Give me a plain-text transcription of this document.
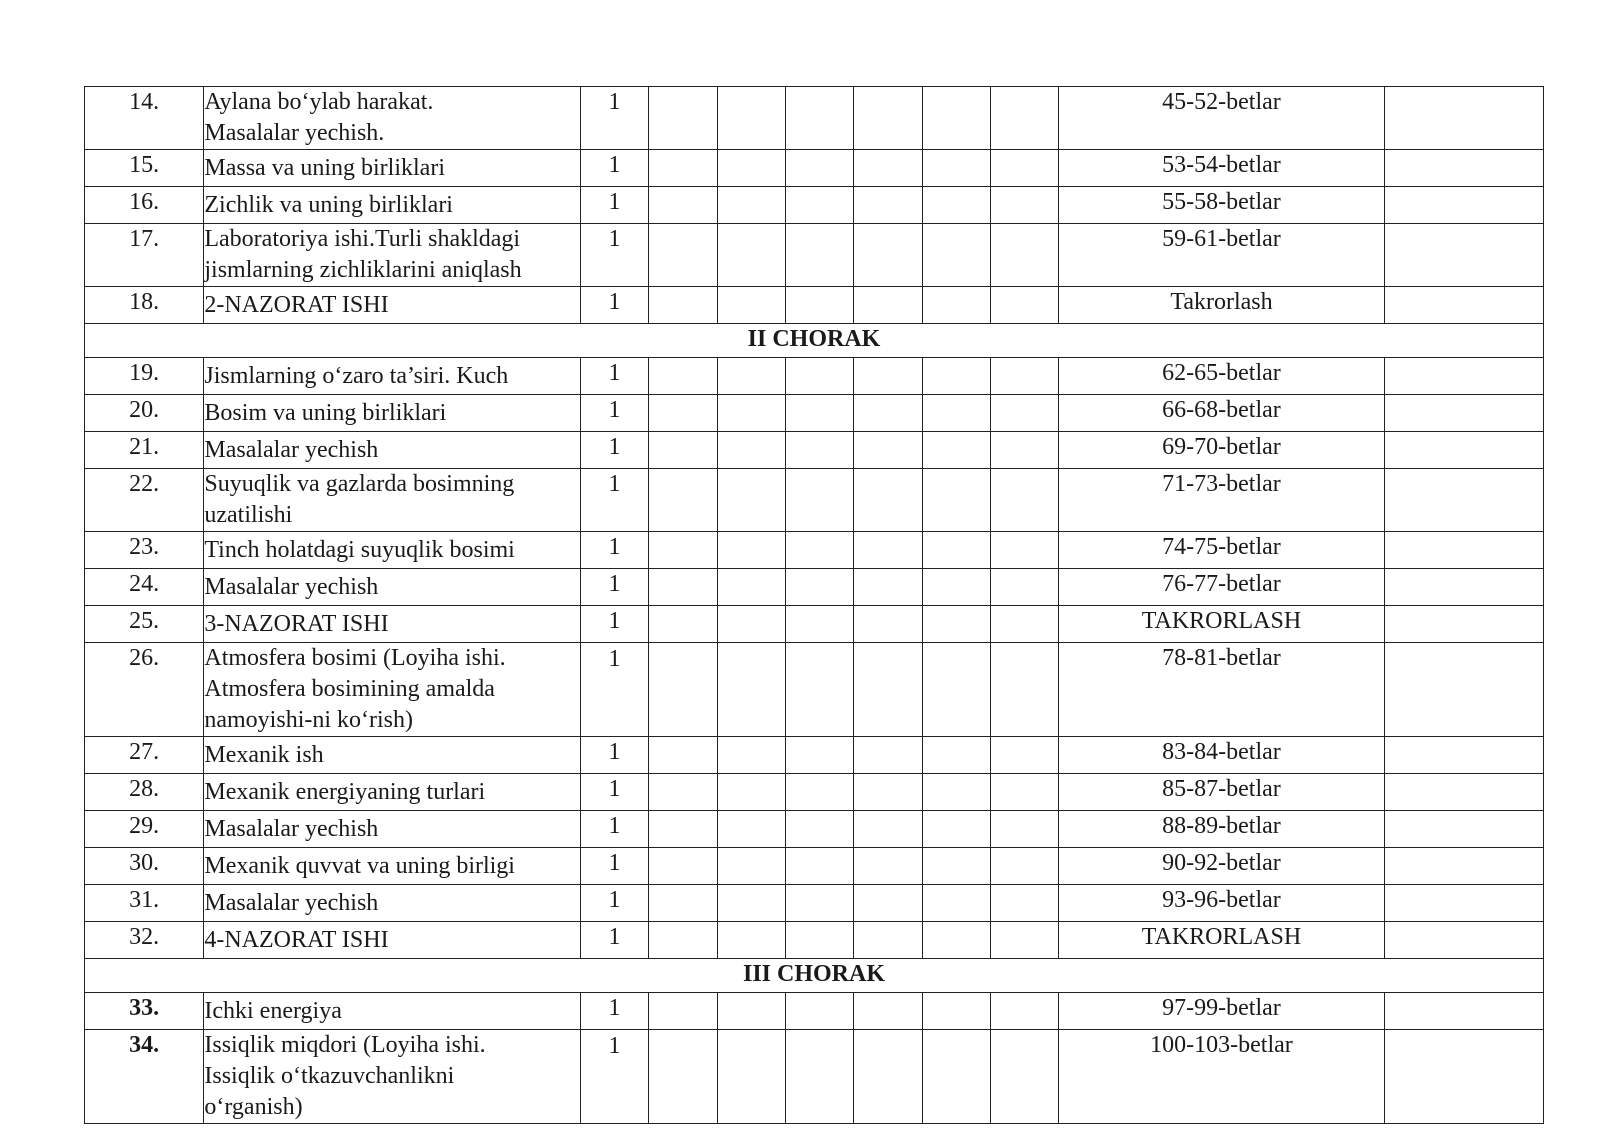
14.	Aylana bo‘ylab harakat.
Masalalar yechish.	1							45-52-betlar	
15.	Massa va uning birliklari	1							53-54-betlar	
16.	Zichlik va uning birliklari	1							55-58-betlar	
17.	Laboratoriya ishi.Turli shakldagi
jismlarning zichliklarini aniqlash	1							59-61-betlar	
18.	2-NAZORAT ISHI	1							Takrorlash	
II CHORAK										
19.	Jismlarning o‘zaro ta’siri. Kuch	1							62-65-betlar	
20.	Bosim va uning birliklari	1							66-68-betlar	
21.	Masalalar yechish	1							69-70-betlar	
22.	Suyuqlik va gazlarda bosimning
uzatilishi	1							71-73-betlar	
23.	Tinch holatdagi suyuqlik bosimi	1							74-75-betlar	
24.	Masalalar yechish	1							76-77-betlar	
25.	3-NAZORAT ISHI	1							TAKRORLASH	
26.	Atmosfera bosimi (Loyiha ishi.
Atmosfera bosimining amalda
namoyishi-ni ko‘rish)	1							78-81-betlar	
27.	Mexanik ish	1							83-84-betlar	
28.	Mexanik energiyaning turlari	1							85-87-betlar	
29.	Masalalar yechish	1							88-89-betlar	
30.	Mexanik quvvat va uning birligi	1							90-92-betlar	
31.	Masalalar yechish	1							93-96-betlar	
32.	4-NAZORAT ISHI	1							TAKRORLASH	
III CHORAK										
33.	Ichki energiya	1							97-99-betlar	
34.	Issiqlik miqdori (Loyiha ishi.
Issiqlik o‘tkazuvchanlikni
o‘rganish)	1							100-103-betlar	
